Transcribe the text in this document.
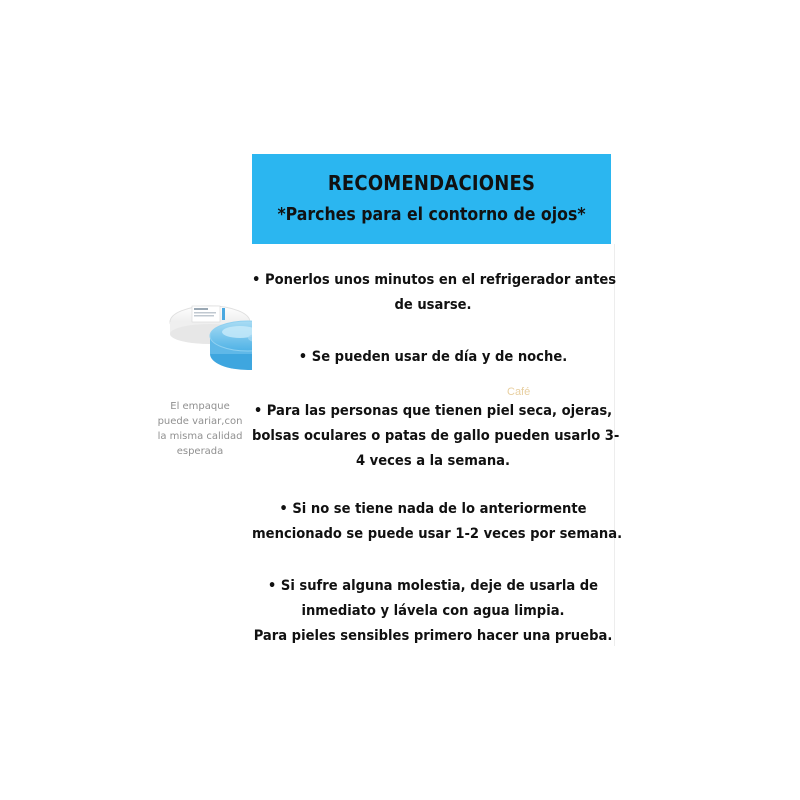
El empaque
puede variar,con
la misma calidad
esperada
RECOMENDACIONES
*Parches para el contorno de ojos*
• Ponerlos unos minutos en el refrigerador antes
de usarse.
• Se pueden usar de día y de noche.
• Para las personas que tienen piel seca, ojeras,
bolsas oculares o patas de gallo pueden usarlo 3-
4 veces a la semana.
• Si no se tiene nada de lo anteriormente
mencionado se puede usar 1-2 veces por semana.
• Si sufre alguna molestia, deje de usarla de
inmediato y lávela con agua limpia.
Para pieles sensibles primero hacer una prueba.
Café
